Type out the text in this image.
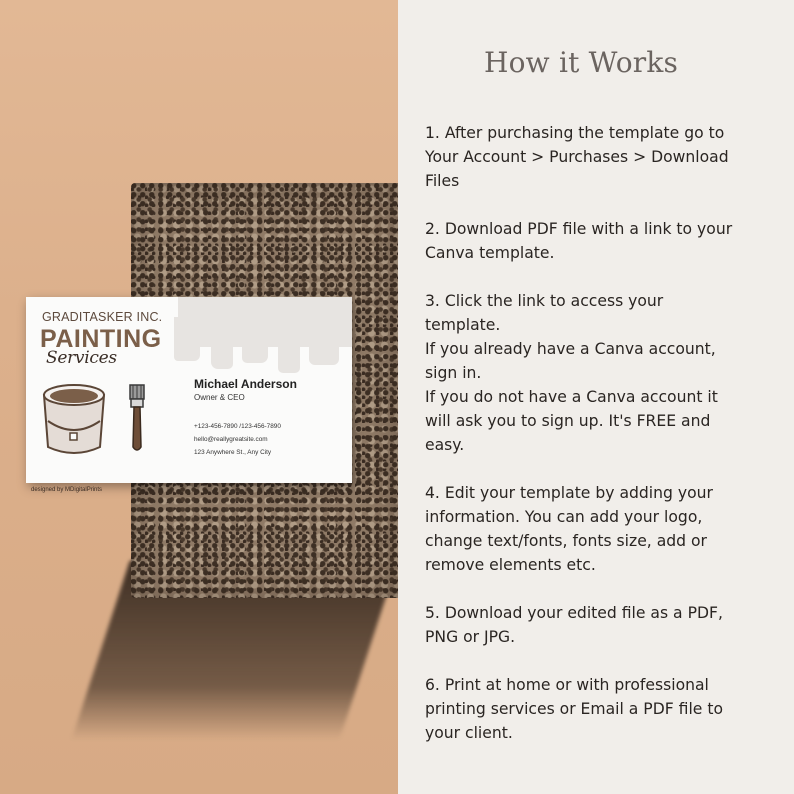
GRADITASKER INC.
PAINTING
Services
Michael Anderson
Owner & CEO
+123-456-7890 /123-456-7890
hello@reallygreatsite.com
123 Anywhere St., Any City
designed by MDigitalPrints
How it Works
1. After purchasing the template go to
Your Account > Purchases > Download
Files
2. Download PDF file with a link to your
Canva template.
3. Click the link to access your
template.
If you already have a Canva account,
sign in.
If you do not have a Canva account it
will ask you to sign up. It's FREE and
easy.
4. Edit your template by adding your
information. You can add your logo,
change text/fonts, fonts size, add or
remove elements etc.
5. Download your edited file as a PDF,
PNG or JPG.
6. Print at home or with professional
printing services or Email a PDF file to
your client.
